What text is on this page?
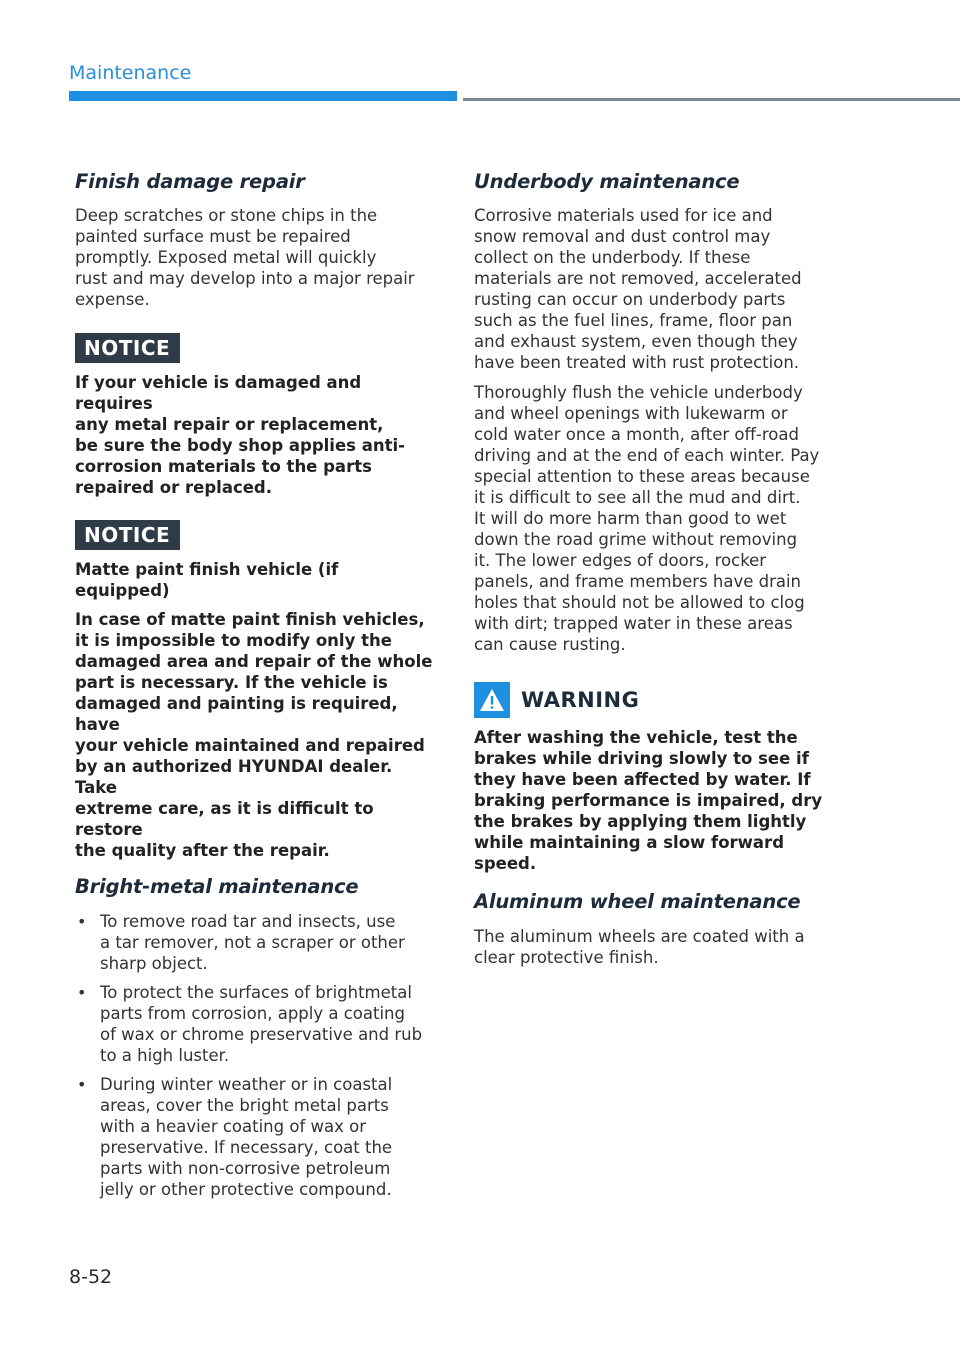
Maintenance
Finish damage repair

Deep scratches or stone chips in the
painted surface must be repaired
promptly. Exposed metal will quickly
rust and may develop into a major repair
expense.

NOTICE

If your vehicle is damaged and requires
any metal repair or replacement,
be sure the body shop applies anti-
corrosion materials to the parts
repaired or replaced.

NOTICE

Matte paint finish vehicle (if equipped)

In case of matte paint finish vehicles,
it is impossible to modify only the
damaged area and repair of the whole
part is necessary. If the vehicle is
damaged and painting is required, have
your vehicle maintained and repaired
by an authorized HYUNDAI dealer. Take
extreme care, as it is difficult to restore
the quality after the repair.

Bright-metal maintenance
• To remove road tar and insects, use
a tar remover, not a scraper or other
sharp object.
• To protect the surfaces of brightmetal
parts from corrosion, apply a coating
of wax or chrome preservative and rub
to a high luster.
• During winter weather or in coastal
areas, cover the bright metal parts
with a heavier coating of wax or
preservative. If necessary, coat the
parts with non-corrosive petroleum
jelly or other protective compound.
Underbody maintenance

Corrosive materials used for ice and
snow removal and dust control may
collect on the underbody. If these
materials are not removed, accelerated
rusting can occur on underbody parts
such as the fuel lines, frame, floor pan
and exhaust system, even though they
have been treated with rust protection.

Thoroughly flush the vehicle underbody
and wheel openings with lukewarm or
cold water once a month, after off-road
driving and at the end of each winter. Pay
special attention to these areas because
it is difficult to see all the mud and dirt.
It will do more harm than good to wet
down the road grime without removing
it. The lower edges of doors, rocker
panels, and frame members have drain
holes that should not be allowed to clog
with dirt; trapped water in these areas
can cause rusting.

WARNING

After washing the vehicle, test the
brakes while driving slowly to see if
they have been affected by water. If
braking performance is impaired, dry
the brakes by applying them lightly
while maintaining a slow forward
speed.

Aluminum wheel maintenance

The aluminum wheels are coated with a
clear protective finish.

8-52
